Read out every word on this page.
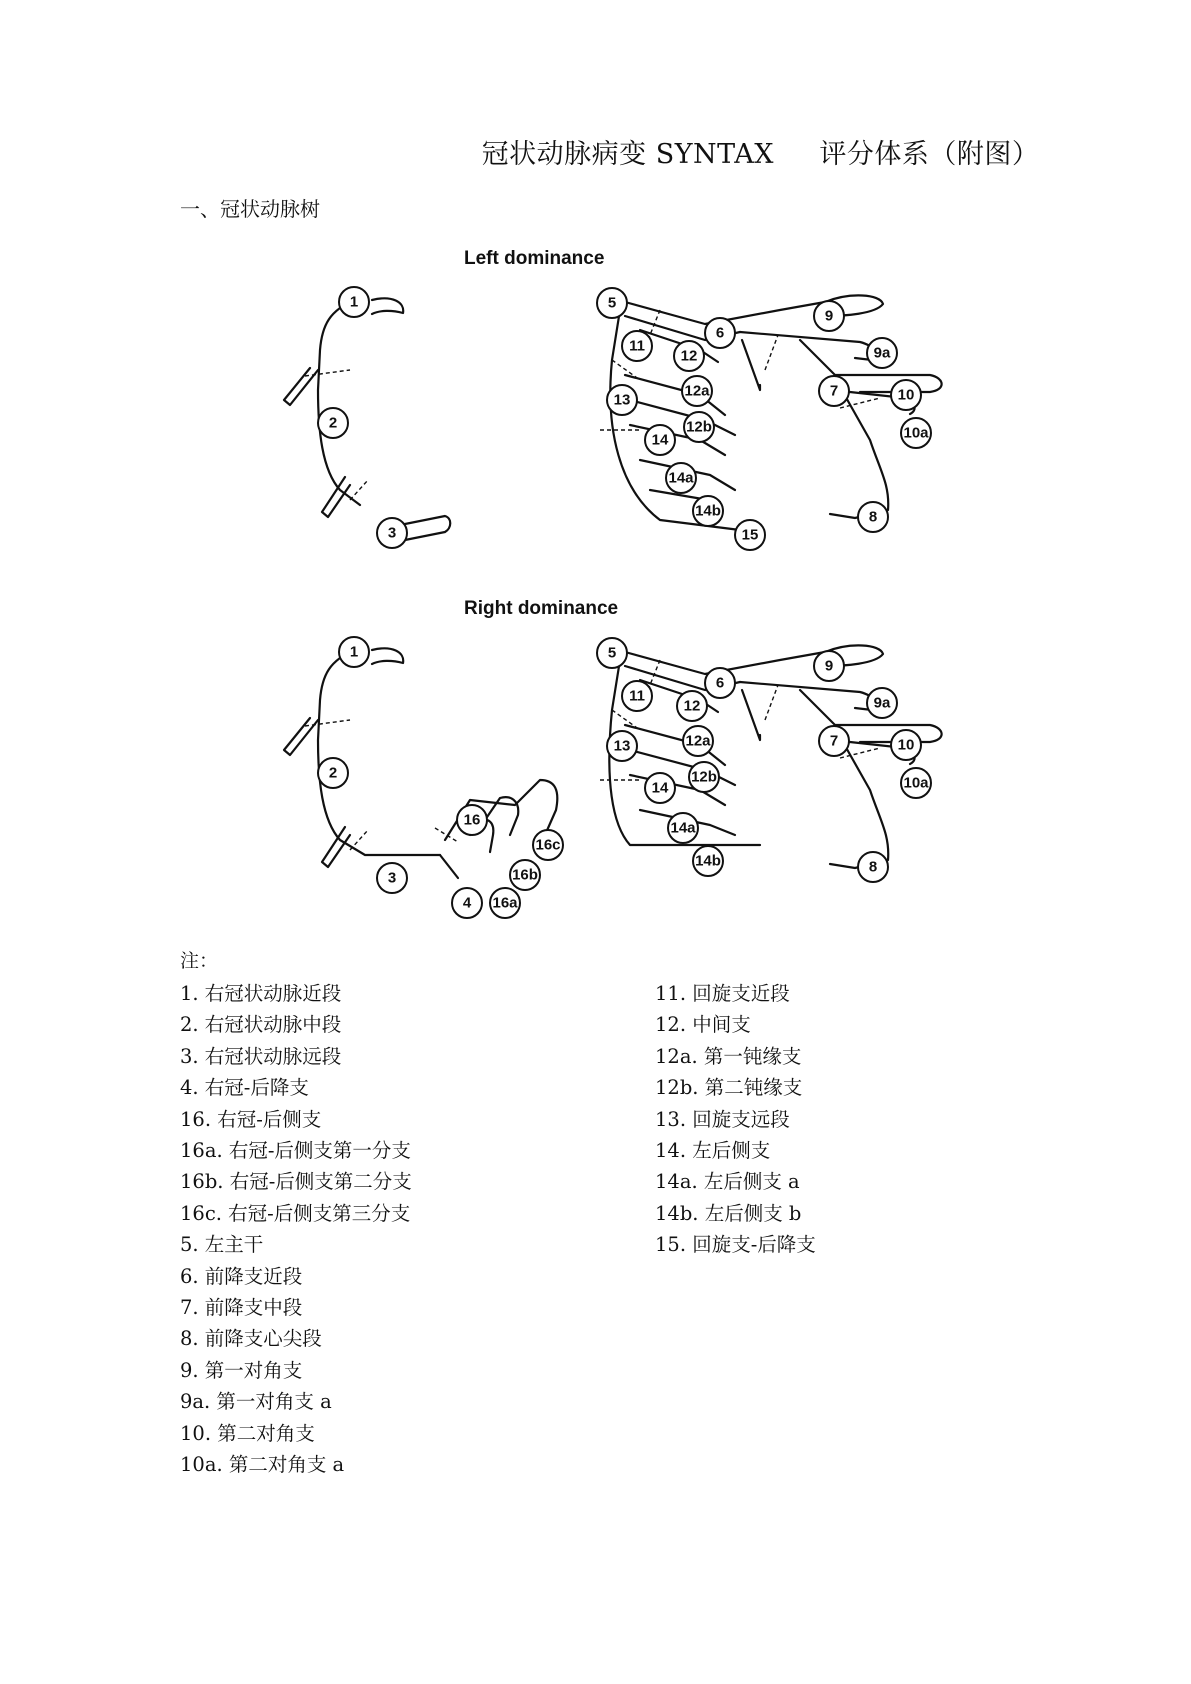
冠状动脉病变 SYNTAX     评分体系（附图）
一、冠状动脉树
Left dominance
1
2
3
5
6
9
9a
7	10
10a
8
11
12
12a
12b
13
14
14a
14b
15
Right dominance
1
2
3
16
16c
16b
16a
4
5
6
9
9a
7	10
10a
8
11
12
12a
12b
13
14
14a
14b
注：
1. 右冠状动脉近段
2. 右冠状动脉中段
3. 右冠状动脉远段
4. 右冠-后降支
16. 右冠-后侧支
16a. 右冠-后侧支第一分支
16b. 右冠-后侧支第二分支
16c. 右冠-后侧支第三分支
5. 左主干
6. 前降支近段
7. 前降支中段
8. 前降支心尖段
9. 第一对角支
9a. 第一对角支 a
10. 第二对角支
10a. 第二对角支 a
11. 回旋支近段
12. 中间支
12a. 第一钝缘支
12b. 第二钝缘支
13. 回旋支远段
14. 左后侧支
14a. 左后侧支 a
14b. 左后侧支 b
15. 回旋支-后降支
